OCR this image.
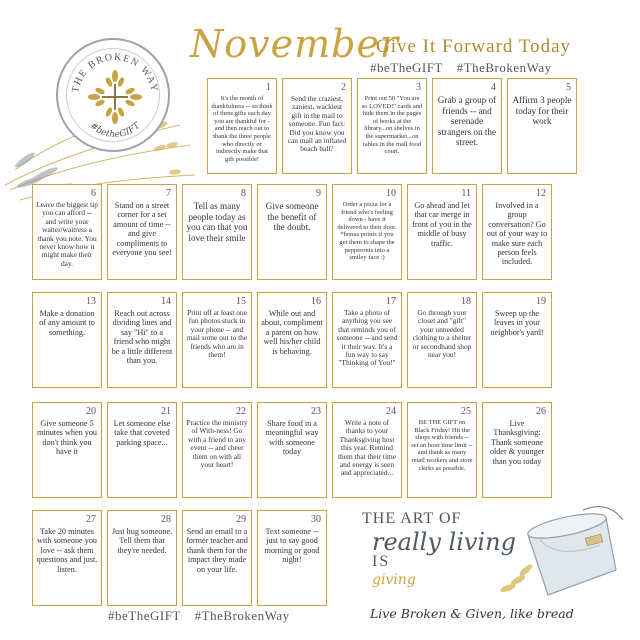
THE BROKEN WAY
#betheGIFT
November
Give It Forward Today
#beTheGIFT #TheBrokenWay
1
It's the month of thankfulness -- so think of three gifts each day you are thankful for - and then reach out to thank the three people who directly or indirectly make that gift possible!
2
Send the craziest, zaniest, wackiest gift in the mail to someone. Fun fact: Did you know you can mail an inflated beach ball?
3
Print out 50 "You are so LOVED!" cards and hide them in the pages of books at the library...on shelves in the supermarket...on tables in the mall food court.
4
Grab a group of friends -- and serenade strangers on the street.
5
Affirm 3 people today for their work
6
Leave the biggest tip you can afford -- and write your waiter/waitress a thank you note. You never know how it might make their day.
7
Stand on a street corner for a set amount of time -- and give compliments to everyone you see!
8
Tell as many people today as you can that you love their smile
9
Give someone the benefit of the doubt.
10
Order a pizza for a friend who's feeling down - have it delivered to their door. *bonus points if you get them to shape the pepperonis into a smiley face :)
11
Go ahead and let that car merge in front of you in the middle of busy traffic.
12
Involved in a group conversation? Go out of your way to make sure each person feels included.
13
Make a donation of any amount to something.
14
Reach out across dividing lines and say "Hi" to a friend who might be a little different than you.
15
Print off at least one fun photos stuck in your phone -- and mail some out to the friends who are in them!
16
While out and about, compliment a parent on how well his/her child is behaving.
17
Take a photo of anything you see that reminds you of someone -- and send it their way. It's a fun way to say "Thinking of You!"
18
Go through your closet and "gift" your unneeded clothing to a shelter or secondhand shop near you!
19
Sweep up the leaves in your neighbor's yard!
20
Give someone 5 minutes when you don't think you have it
21
Let someone else take that coveted parking space...
22
Practice the ministry of With-ness! Go with a friend to any event -- and cheer them on with all your heart!
23
Share food in a meaningful way with someone today
24
Write a note of thanks to your Thanksgiving host this year. Remind them that their time and energy is seen and appreciated...
25
BE THE GIFT on Black Friday! Hit the shops with friends -- set an hour time limit -- and thank as many retail workers and store clerks as possible.
26
Live Thanksgiving: Thank someone older & younger than you today
27
Take 20 minutes with someone you love -- ask them questions and just. listen.
28
Just hug someone. Tell them that they're needed.
29
Send an email to a former teacher and thank them for the impact they made on your life.
30
Text someone -- just to say good morning or good night!
THE ART OF
really living
IS
giving
#beTheGIFT #TheBrokenWay	Live Broken & Given, like bread
